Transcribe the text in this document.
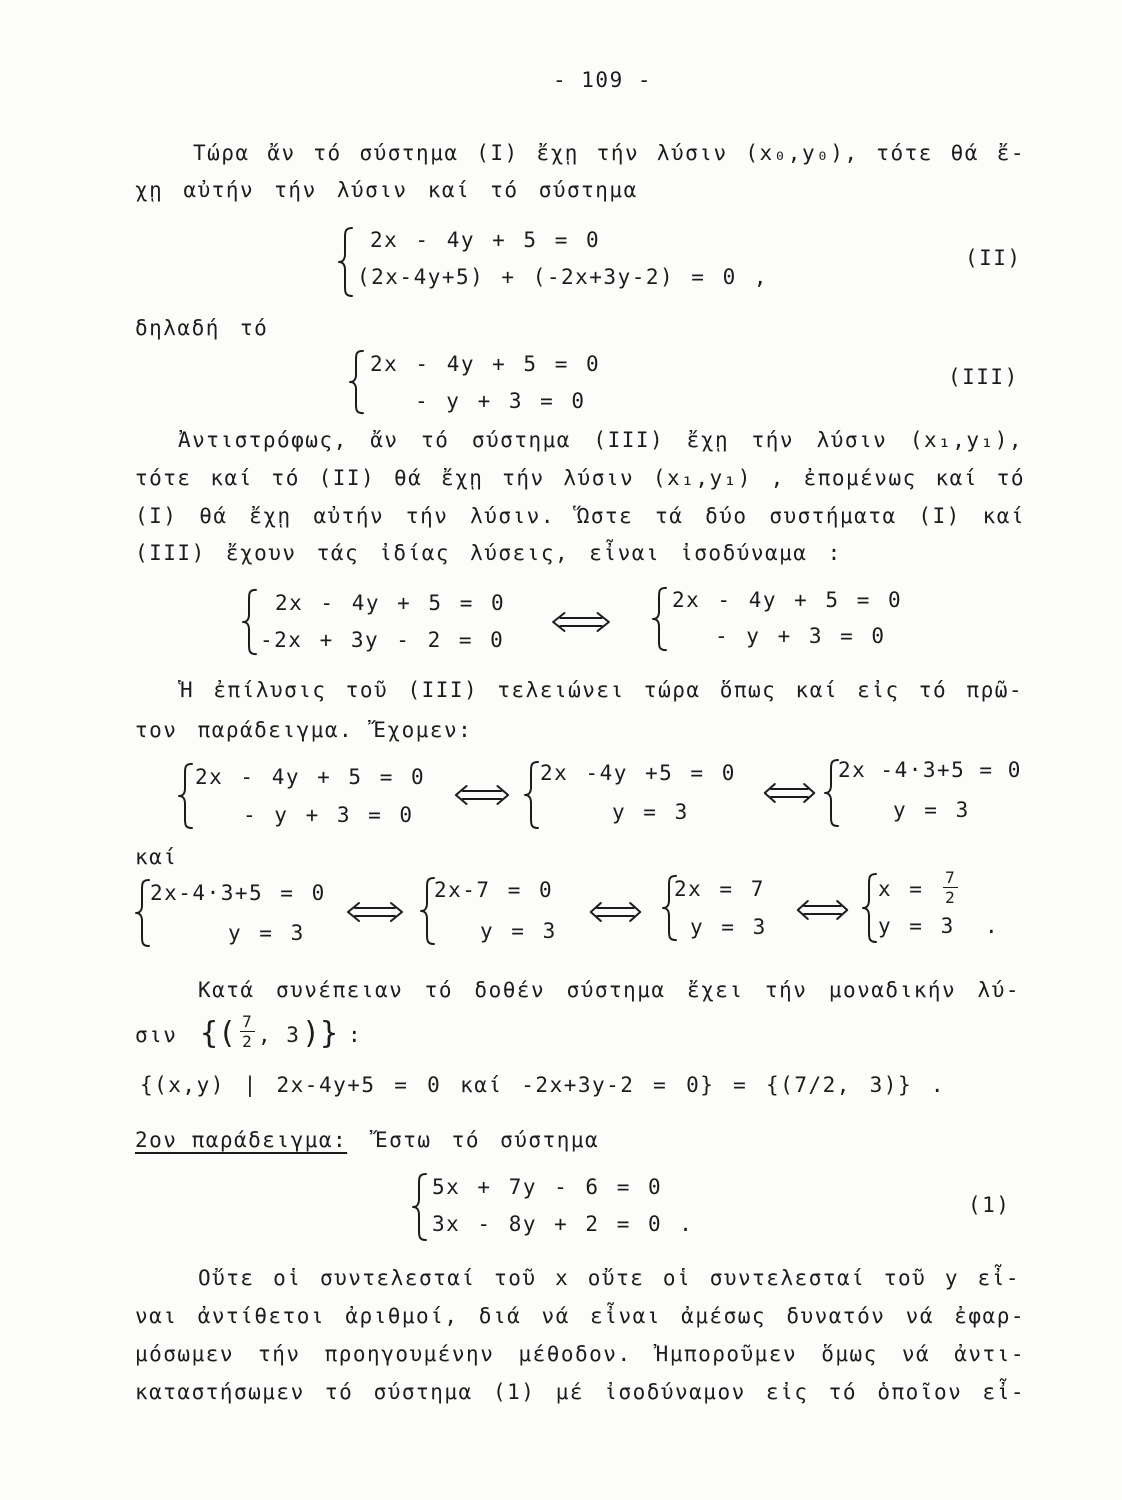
- 109 -
Τώρα ἄν τό σύστημα (I) ἔχῃ τήν λύσιν (x₀,y₀), τότε θά ἔ-
χῃ αὐτήν τήν λύσιν καί τό σύστημα
2x - 4y + 5 = 0
(2x-4y+5) + (-2x+3y-2) = 0 ,
(II)
δηλαδή τό
2x - 4y + 5 = 0
- y + 3 = 0
(III)
Ἀντιστρόφως, ἄν τό σύστημα (III) ἔχῃ τήν λύσιν (x₁,y₁),
τότε καί τό (II) θά ἔχῃ τήν λύσιν (x₁,y₁) , ἐπομένως καί τό
(I) θά ἔχῃ αὐτήν τήν λύσιν. Ὥστε τά δύο συστήματα (I) καί
(III) ἔχουν τάς ἰδίας λύσεις, εἶναι ἰσοδύναμα :
2x - 4y + 5 = 0
-2x + 3y - 2 = 0
2x - 4y + 5 = 0
- y + 3 = 0
Ἡ ἐπίλυσις τοῦ (III) τελειώνει τώρα ὅπως καί εἰς τό πρῶ-
τον παράδειγμα. Ἔχομεν:
2x - 4y + 5 = 0
- y + 3 = 0
2x -4y +5 = 0
y = 3
2x -4·3+5 = 0
y = 3
καί
2x-4·3+5 = 0
y = 3
2x-7 = 0
y = 3
2x = 7
y = 3
x = 7
2
y = 3 .
Κατά συνέπειαν τό δοθέν σύστημα ἔχει τήν μοναδικήν λύ-
σιν {( 7
2 , 3 )} :
{(x,y) | 2x-4y+5 = 0 καί -2x+3y-2 = 0} = {(7/2, 3)} .
2ον παράδειγμα: Ἔστω τό σύστημα
5x + 7y - 6 = 0
3x - 8y + 2 = 0 .
(1)
Οὔτε οἱ συντελεσταί τοῦ x οὔτε οἱ συντελεσταί τοῦ y εἶ-
ναι ἀντίθετοι ἀριθμοί, διά νά εἶναι ἀμέσως δυνατόν νά ἐφαρ-
μόσωμεν τήν προηγουμένην μέθοδον. Ἠμποροῦμεν ὅμως νά ἀντι-
καταστήσωμεν τό σύστημα (1) μέ ἰσοδύναμον εἰς τό ὁποῖον εἶ-
